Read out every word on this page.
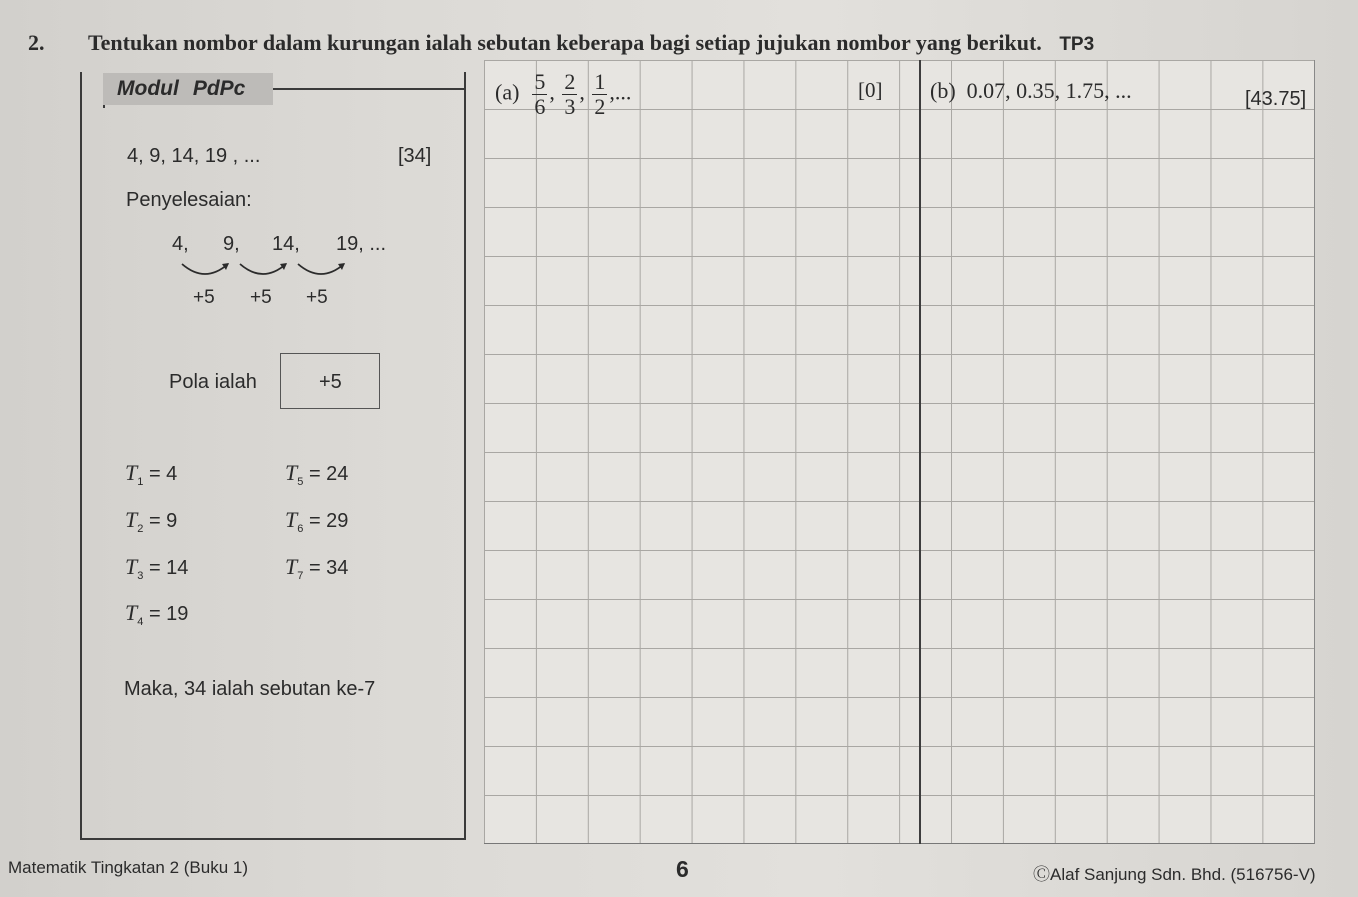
2. Tentukan nombor dalam kurungan ialah sebutan keberapa bagi setiap jujukan nombor yang berikut. TP3
Modul PdPc
4, 9, 14, 19 , ...	[34]
Penyelesaian:
4, 9, 14, 19, ...
+5 +5 +5
Pola ialah	+5
$T_1 = 4$
$T_2 = 9$
$T_3 = 14$
$T_4 = 19$
$T_5 = 24$
$T_6 = 29$
$T_7 = 34$
Maka, 34 ialah sebutan ke-7
$(a) \frac{5}{6}$ , $\frac{2}{3}$ , $\frac{1}{2}$ ,...	[0] (b) 0.07, 0.35, 1.75, ...	[43.75]
Matematik Tingkatan 2 (Buku 1)	6	ⒸAlaf Sanjung Sdn. Bhd. (516756-V)
